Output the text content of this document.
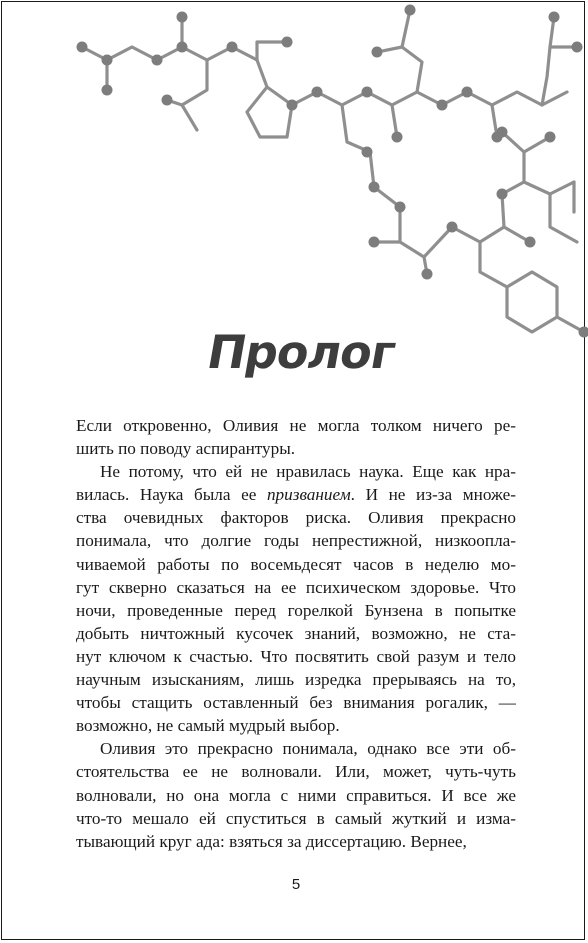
Пролог
Если откровенно, Оливия не могла толком ничего ре-
шить по поводу аспирантуры.
Не потому, что ей не нравилась наука. Еще как нра-
вилась. Наука была ее призванием. И не из-за множе-
ства очевидных факторов риска. Оливия прекрасно
понимала, что долгие годы непрестижной, низкоопла-
чиваемой работы по восемьдесят часов в неделю мо-
гут скверно сказаться на ее психическом здоровье. Что
ночи, проведенные перед горелкой Бунзена в попытке
добыть ничтожный кусочек знаний, возможно, не ста-
нут ключом к счастью. Что посвятить свой разум и тело
научным изысканиям, лишь изредка прерываясь на то,
чтобы стащить оставленный без внимания рогалик, —
возможно, не самый мудрый выбор.
Оливия это прекрасно понимала, однако все эти об-
стоятельства ее не волновали. Или, может, чуть-чуть
волновали, но она могла с ними справиться. И все же
что-то мешало ей спуститься в самый жуткий и изма-
тывающий круг ада: взяться за диссертацию. Вернее,
5
